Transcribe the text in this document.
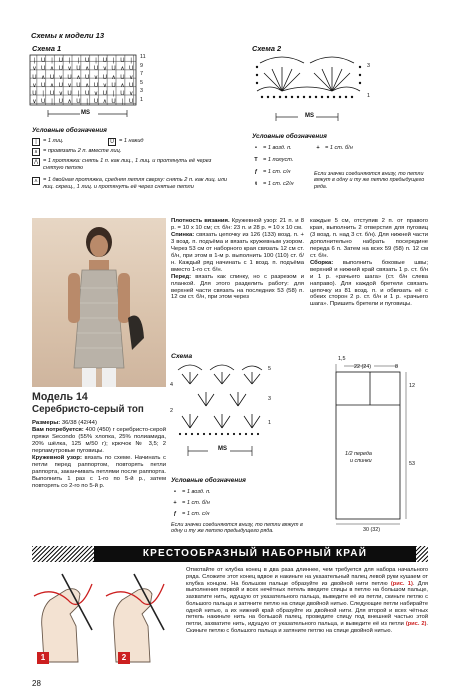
Схемы к модели 13
Схема 1
| U | U | | U | U | U |
∨ U ∧ U ∨ U ∧ U ∨ U ∧ U
U ∧ U ∨ U ∧ U ∨ U ∧ U ∨
∨ U ∧ U ∨ U ∧ U ∨ U ∧ U
U | U ∨ U | U ∨ U | U ∨
∨ U | U ∧ U | U ∧ U | U
MS
11
9
7
5
3
1
Условные обозначения
|	= 1 лиц.	U = 1 накид
∧ = провязать 2 п. вместе лиц.
⋀ = 1 протяжка: снять 1 п. как лиц., 1 лиц. и протянуть её через снятую петлю
⋏ = 1 двойная протяжка, средняя петля сверху: снять 2 п. как лиц. или лиц. скрещ., 1 лиц. и протянуть её через снятые петли
Схема 2
MS
3
1
Условные обозначения
•	= 1 возд. п.	+ = 1 ст. б/н
T = 1 полуст.
ƒ = 1 ст. с/н
ŧ	= 1 ст. с2/н
Если значки соединяются внизу, то петли вяжут в одну и ту же петлю предыдущего ряда.
Модель 14
Серебристо-серый топ
Размеры: 36/38 (42/44)
Вам потребуется: 400 (450) г серебристо-серой пряжи Secondo (55% хлопка, 25% полиамида, 20% шёлка, 125 м/50 г); крючок № 3,5; 2 перламутровые пуговицы.
Кружевной узор: вязать по схеме. Начинать с петли перед раппортом, повторять петли раппорта, заканчивать петлями после раппорта. Выполнить 1 раз с 1-го по 5-й р., затем повторять со 2-го по 5-й р.
Плотность вязания. Кружевной узор: 21 п. и 8 р. = 10 х 10 см; ст. б/н: 23 п. и 28 р. = 10 х 10 см.
Спинка: связать цепочку из 126 (133) возд. п. + 3 возд. п. подъёма и вязать кружевным узором. Через 53 см от наборного края связать 12 см ст. б/н, при этом в 1-м р. выполнить 100 (110) ст. б/н. Каждый ряд начинать с 1 возд. п. подъёма вместо 1-го ст. б/н.
Перед: вязать как спинку, но с разрезом и планкой. Для этого разделить работу: для верхней части связать на последних 53 (58) п. 12 см ст. б/н, при этом через
каждые 5 см, отступив 2 п. от правого края, выполнить 2 отверстия для пуговиц (3 возд. п. над 3 ст. б/н). Для нижней части дополнительно набрать посередине переда 6 п. Затем на всех 59 (58) п. 12 см ст. б/н.
Сборка: выполнить боковые швы; верхний и нижний край связать 1 р. ст. б/н и 1 р. «рачьего шага» (ст. б/н слева направо). Для каждой бретели связать цепочку из 81 возд. п. и обвязать её с обеих сторон 2 р. ст. б/н и 1 р. «рачьего шага». Пришить бретели и пуговицы.
Схема
MS
5
3
1
4
2
Условные обозначения
•	= 1 возд. п.
+ = 1 ст. б/н
ƒ = 1 ст. с/н
Если значки соединяются внизу, то петли вяжут в одну и ту же петлю предыдущего ряда.
1,5
22 (24)	8
12
53
1/2 переда
и спинки
30 (32)
КРЕСТООБРАЗНЫЙ НАБОРНЫЙ КРАЙ
1	2
Отмотайте от клубка конец в два раза длиннее, чем требуется для набора начального ряда. Сложите этот конец вдвое и накиньте на указательный палец левой руки кушаем от клубка концом. На большом пальце образуйте из двойной нити петлю (рис. 1). Для выполнения первой и всех нечётных петель введите спицы в петлю на большом пальце, захватите нить, идущую от указательного пальца, выведите её из петли, скиньте петлю с большого пальца и затяните петлю на спице двойной нитью. Следующие петли набирайте одной нитью, а их нижний край образуйте из двойной нити. Для второй и всех чётных петель накиньте нить на большой палец, проведите спицу под внешней частью этой петли, захватите нить, идущую от указательного пальца, и выведите её из петли (рис. 2). Скиньте петлю с большого пальца и затяните петлю на спице двойной нитью.
28
